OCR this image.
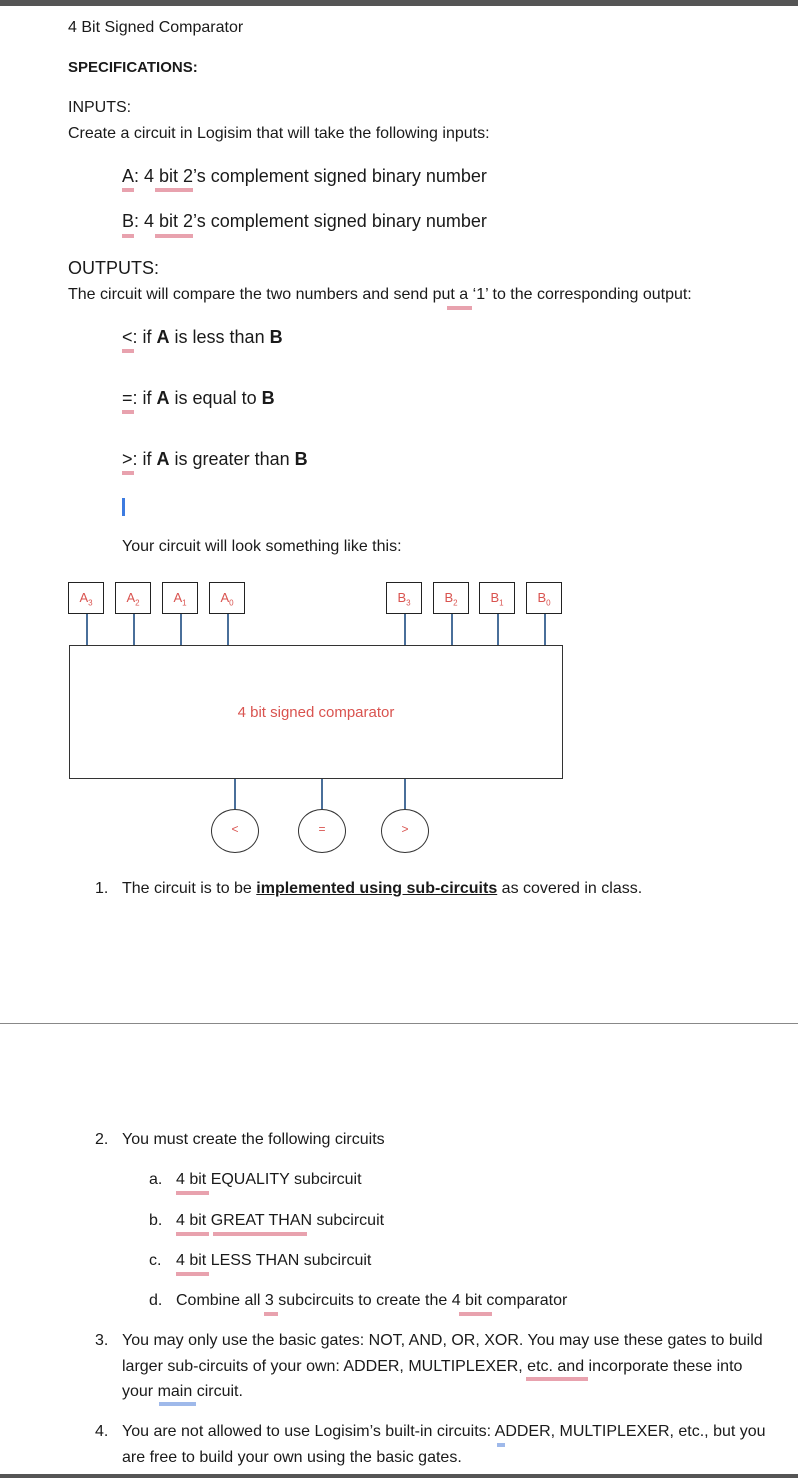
4 Bit Signed Comparator
SPECIFICATIONS:
INPUTS:
Create a circuit in Logisim that will take the following inputs:
A: 4 bit 2’s complement signed binary number
B: 4 bit 2’s complement signed binary number
OUTPUTS:
The circuit will compare the two numbers and send put a ‘1’ to the corresponding output:
<: if A is less than B
=: if A is equal to B
>: if A is greater than B
Your circuit will look something like this:
$A_3$	$A_2$	$A_1$	$A_0$	$B_3$	$B_2$	$B_1$	$B_0$
4 bit signed comparator
<	=	>
1. The circuit is to be implemented using sub-circuits as covered in class.
2. You must create the following circuits
a. 4 bit EQUALITY subcircuit
b. 4 bit GREAT THAN subcircuit
c. 4 bit LESS THAN subcircuit
d. Combine all 3 subcircuits to create the 4 bit comparator
3. You may only use the basic gates: NOT, AND, OR, XOR. You may use these gates to build
larger sub-circuits of your own: ADDER, MULTIPLEXER, etc. and incorporate these into
your main circuit.
4. You are not allowed to use Logisim’s built-in circuits: ADDER, MULTIPLEXER, etc., but you
are free to build your own using the basic gates.
